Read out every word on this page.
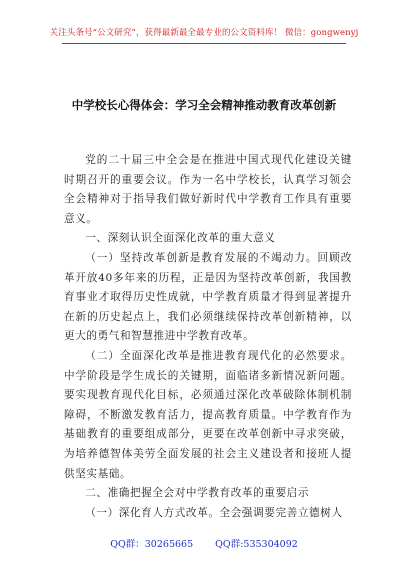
关注头条号“公文研究”，获得最新最全最专业的公文资料库！ 微信：gongwenyj
中学校长心得体会：学习全会精神推动教育改革创新

党的二十届三中全会是在推进中国式现代化建设关键时期召开的重要会议。作为一名中学校长，认真学习领会全会精神对于指导我们做好新时代中学教育工作具有重要意义。

一、深刻认识全面深化改革的重大意义

（一）坚持改革创新是教育发展的不竭动力。回顾改革开放40多年来的历程，正是因为坚持改革创新，我国教育事业才取得历史性成就，中学教育质量才得到显著提升在新的历史起点上，我们必须继续保持改革创新精神，以更大的勇气和智慧推进中学教育改革。

（二）全面深化改革是推进教育现代化的必然要求。中学阶段是学生成长的关键期，面临诸多新情况新问题。要实现教育现代化目标，必须通过深化改革破除体制机制障碍，不断激发教育活力，提高教育质量。中学教育作为基础教育的重要组成部分，更要在改革创新中寻求突破，为培养德智体美劳全面发展的社会主义建设者和接班人提供坚实基础。

二、准确把握全会对中学教育改革的重要启示

（一）深化育人方式改革。全会强调要完善立德树人

QQ群：30265665 QQ群:535304092
